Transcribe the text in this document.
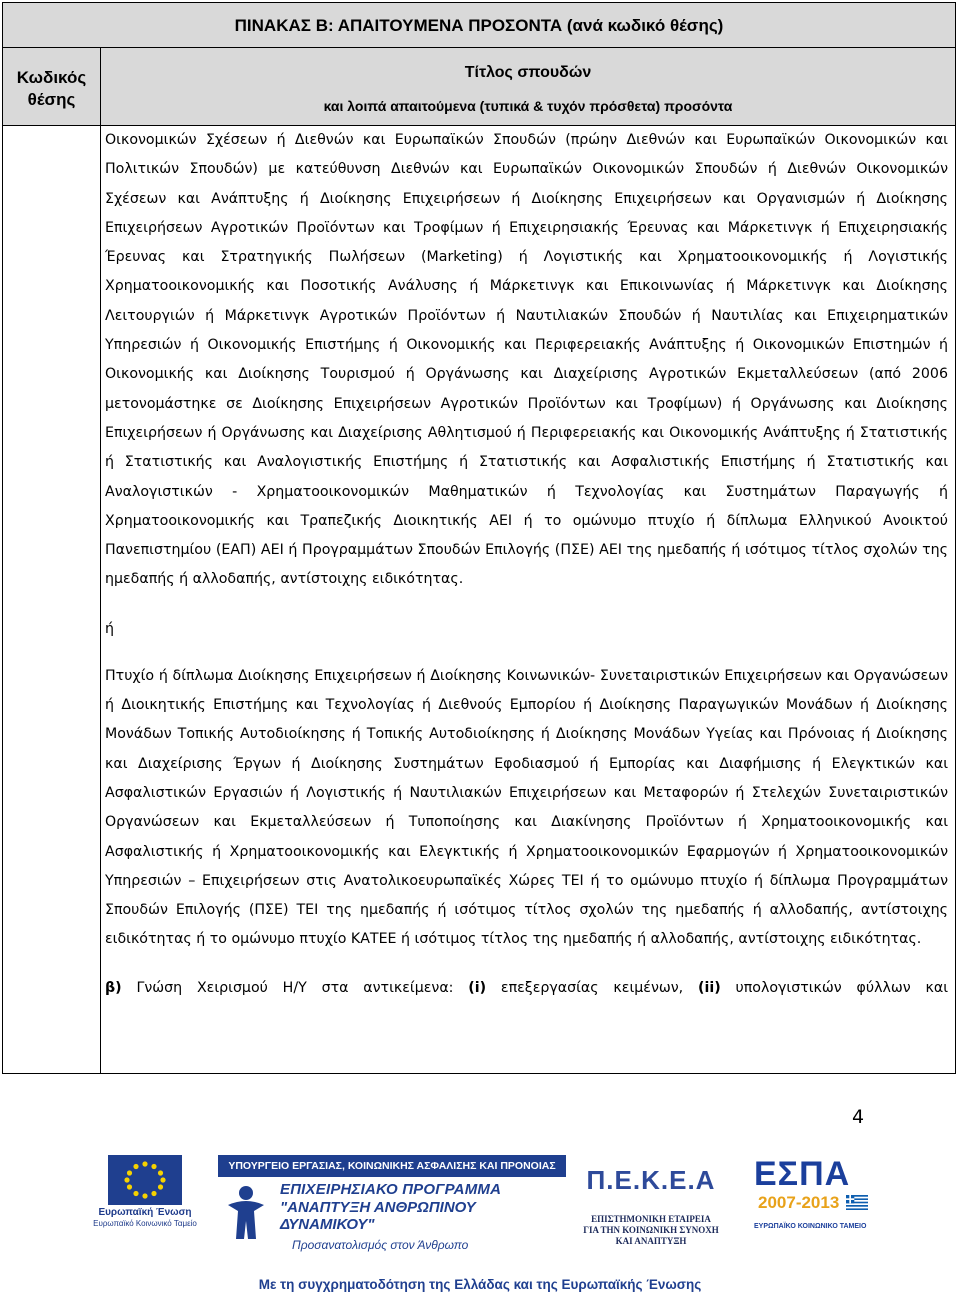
ΠΙΝΑΚΑΣ Β: ΑΠΑΙΤΟΥΜΕΝΑ ΠΡΟΣΟΝΤΑ (ανά κωδικό θέσης)
Κωδικός
θέσης
Τίτλος σπουδών
και λοιπά απαιτούμενα (τυπικά & τυχόν πρόσθετα) προσόντα

Οικονομικών Σχέσεων ή Διεθνών και Ευρωπαϊκών Σπουδών (πρώην Διεθνών και Ευρωπαϊκών Οικονομικών και Πολιτικών Σπουδών) με κατεύθυνση Διεθνών και Ευρωπαϊκών Οικονομικών Σπουδών ή Διεθνών Οικονομικών Σχέσεων και Ανάπτυξης ή Διοίκησης Επιχειρήσεων ή Διοίκησης Επιχειρήσεων και Οργανισμών ή Διοίκησης Επιχειρήσεων Αγροτικών Προϊόντων και Τροφίμων ή Επιχειρησιακής Έρευνας και Μάρκετινγκ ή Επιχειρησιακής Έρευνας και Στρατηγικής Πωλήσεων (Marketing) ή Λογιστικής και Χρηματοοικονομικής ή Λογιστικής Χρηματοοικονομικής και Ποσοτικής Ανάλυσης ή Μάρκετινγκ και Επικοινωνίας ή Μάρκετινγκ και Διοίκησης Λειτουργιών ή Μάρκετινγκ Αγροτικών Προϊόντων ή Ναυτιλιακών Σπουδών ή Ναυτιλίας και Επιχειρηματικών Υπηρεσιών ή Οικονομικής Επιστήμης ή Οικονομικής και Περιφερειακής Ανάπτυξης ή Οικονομικών Επιστημών ή Οικονομικής και Διοίκησης Τουρισμού ή Οργάνωσης και Διαχείρισης Αγροτικών Εκμεταλλεύσεων (από 2006 μετονομάστηκε σε Διοίκησης Επιχειρήσεων Αγροτικών Προϊόντων και Τροφίμων) ή Οργάνωσης και Διοίκησης Επιχειρήσεων ή Οργάνωσης και Διαχείρισης Αθλητισμού ή Περιφερειακής και Οικονομικής Ανάπτυξης ή Στατιστικής ή Στατιστικής και Αναλογιστικής Επιστήμης ή Στατιστικής και Ασφαλιστικής Επιστήμης ή Στατιστικής και Αναλογιστικών - Χρηματοοικονομικών Μαθηματικών ή Τεχνολογίας και Συστημάτων Παραγωγής ή Χρηματοοικονομικής και Τραπεζικής Διοικητικής ΑΕΙ ή το ομώνυμο πτυχίο ή δίπλωμα Ελληνικού Ανοικτού Πανεπιστημίου (ΕΑΠ) ΑΕΙ ή Προγραμμάτων Σπουδών Επιλογής (ΠΣΕ) ΑΕΙ της ημεδαπής ή ισότιμος τίτλος σχολών της ημεδαπής ή αλλοδαπής, αντίστοιχης ειδικότητας.

ή

Πτυχίο ή δίπλωμα Διοίκησης Επιχειρήσεων ή Διοίκησης Κοινωνικών- Συνεταιριστικών Επιχειρήσεων και Οργανώσεων ή Διοικητικής Επιστήμης και Τεχνολογίας ή Διεθνούς Εμπορίου ή Διοίκησης Παραγωγικών Μονάδων ή Διοίκησης Μονάδων Τοπικής Αυτοδιοίκησης ή Τοπικής Αυτοδιοίκησης ή Διοίκησης Μονάδων Υγείας και Πρόνοιας ή Διοίκησης και Διαχείρισης Έργων ή Διοίκησης Συστημάτων Εφοδιασμού ή Εμπορίας και Διαφήμισης ή Ελεγκτικών και Ασφαλιστικών Εργασιών ή Λογιστικής ή Ναυτιλιακών Επιχειρήσεων και Μεταφορών ή Στελεχών Συνεταιριστικών Οργανώσεων και Εκμεταλλεύσεων ή Τυποποίησης και Διακίνησης Προϊόντων ή Χρηματοοικονομικής και Ασφαλιστικής ή Χρηματοοικονομικής και Ελεγκτικής ή Χρηματοοικονομικών Εφαρμογών ή Χρηματοοικονομικών Υπηρεσιών – Επιχειρήσεων στις Ανατολικοευρωπαϊκές Χώρες ΤΕΙ ή το ομώνυμο πτυχίο ή δίπλωμα Προγραμμάτων Σπουδών Επιλογής (ΠΣΕ) ΤΕΙ της ημεδαπής ή ισότιμος τίτλος σχολών της ημεδαπής ή αλλοδαπής, αντίστοιχης ειδικότητας ή το ομώνυμο πτυχίο ΚΑΤΕΕ ή ισότιμος τίτλος της ημεδαπής ή αλλοδαπής, αντίστοιχης ειδικότητας.

β) Γνώση Χειρισμού Η/Υ στα αντικείμενα: (i) επεξεργασίας κειμένων, (ii) υπολογιστικών φύλλων και

4
Ευρωπαϊκή Ένωση
Ευρωπαϊκό Κοινωνικό Ταμείο
ΥΠΟΥΡΓΕΙΟ ΕΡΓΑΣΙΑΣ, ΚΟΙΝΩΝΙΚΗΣ ΑΣΦΑΛΙΣΗΣ ΚΑΙ ΠΡΟΝΟΙΑΣ
ΕΠΙΧΕΙΡΗΣΙΑΚΟ ΠΡΟΓΡΑΜΜΑ
"ΑΝΑΠΤΥΞΗ ΑΝΘΡΩΠΙΝΟΥ ΔΥΝΑΜΙΚΟΥ"
Προσανατολισμός στον Άνθρωπο
Π.Ε.Κ.Ε.Α
ΕΠΙΣΤΗΜΟΝΙΚΗ ΕΤΑΙΡΕΙΑ
ΓΙΑ ΤΗΝ ΚΟΙΝΩΝΙΚΗ ΣΥΝΟΧΗ
ΚΑΙ ΑΝΑΠΤΥΞΗ
ΕΣΠΑ
2007-2013
ΕΥΡΩΠΑΪΚΟ ΚΟΙΝΩΝΙΚΟ ΤΑΜΕΙΟ
Με τη συγχρηματοδότηση της Ελλάδας και της Ευρωπαϊκής Ένωσης
